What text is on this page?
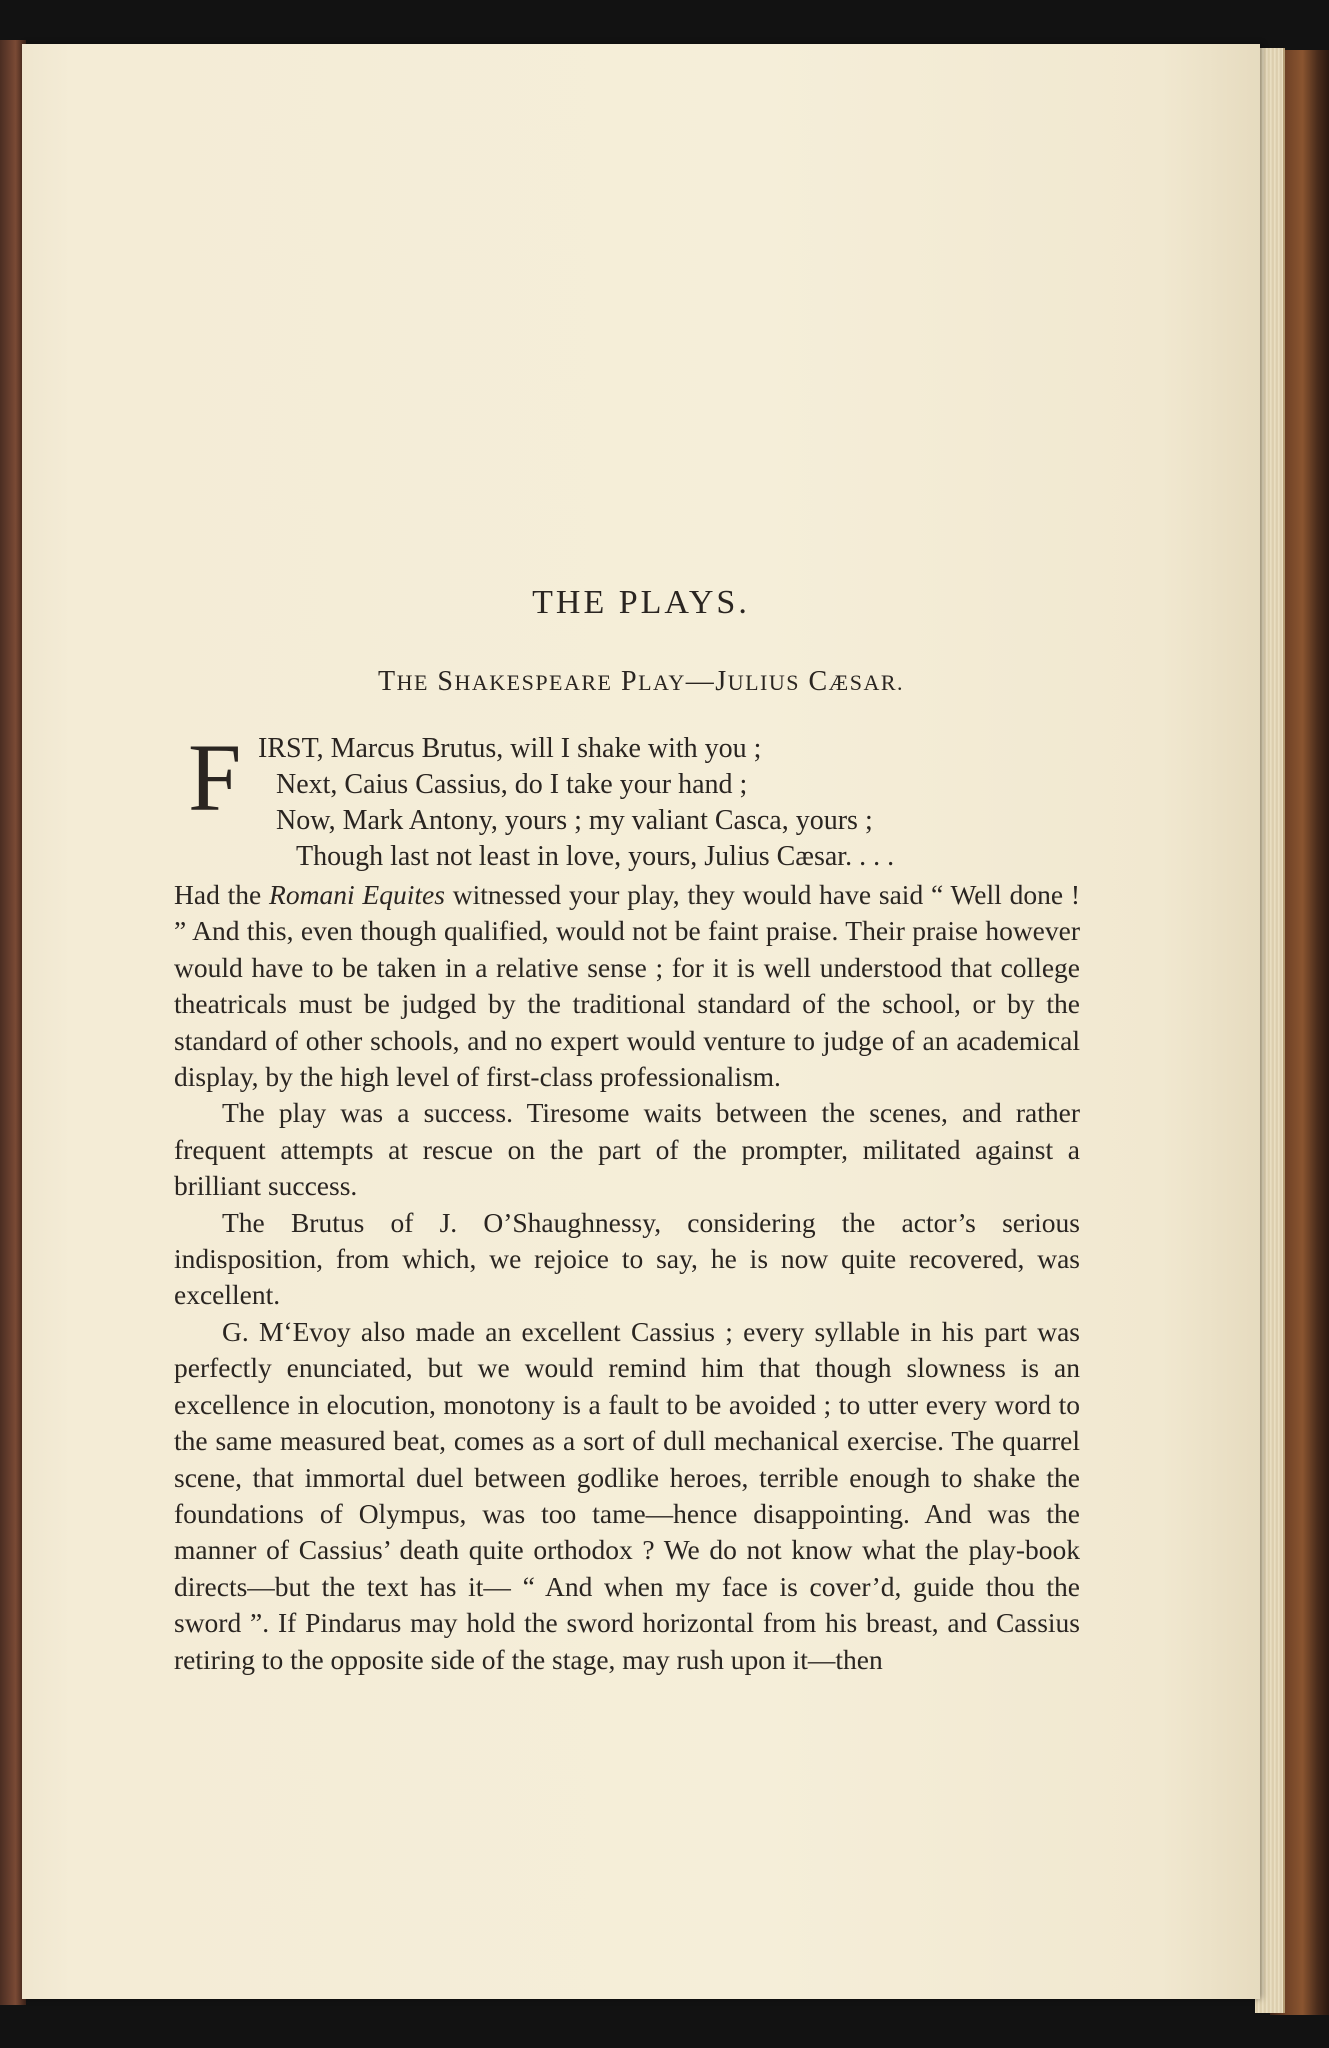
THE PLAYS.
THE SHAKESPEARE PLAY—JULIUS CÆSAR.
F IRST, Marcus Brutus, will I shake with you ;
Next, Caius Cassius, do I take your hand ;
Now, Mark Antony, yours ; my valiant Casca, yours ;
Though last not least in love, yours, Julius Cæsar. . . .

Had the Romani Equites witnessed your play, they would have said “ Well done ! ” And this, even though qualified, would not be faint praise. Their praise however would have to be taken in a relative sense ; for it is well understood that college theatricals must be judged by the traditional standard of the school, or by the standard of other schools, and no expert would venture to judge of an academical display, by the high level of first-class professionalism.

The play was a success. Tiresome waits between the scenes, and rather frequent attempts at rescue on the part of the prompter, militated against a brilliant success.

The Brutus of J. O’Shaughnessy, considering the actor’s serious indisposition, from which, we rejoice to say, he is now quite recovered, was excellent.

G. M‘Evoy also made an excellent Cassius ; every syllable in his part was perfectly enunciated, but we would remind him that though slowness is an excellence in elocution, monotony is a fault to be avoided ; to utter every word to the same measured beat, comes as a sort of dull mechanical exercise. The quarrel scene, that immortal duel between godlike heroes, terrible enough to shake the foundations of Olympus, was too tame—hence disappointing. And was the manner of Cassius’ death quite orthodox ? We do not know what the play-book directs—but the text has it— “ And when my face is cover’d, guide thou the sword ”. If Pindarus may hold the sword horizontal from his breast, and Cassius retiring to the opposite side of the stage, may rush upon it—then
